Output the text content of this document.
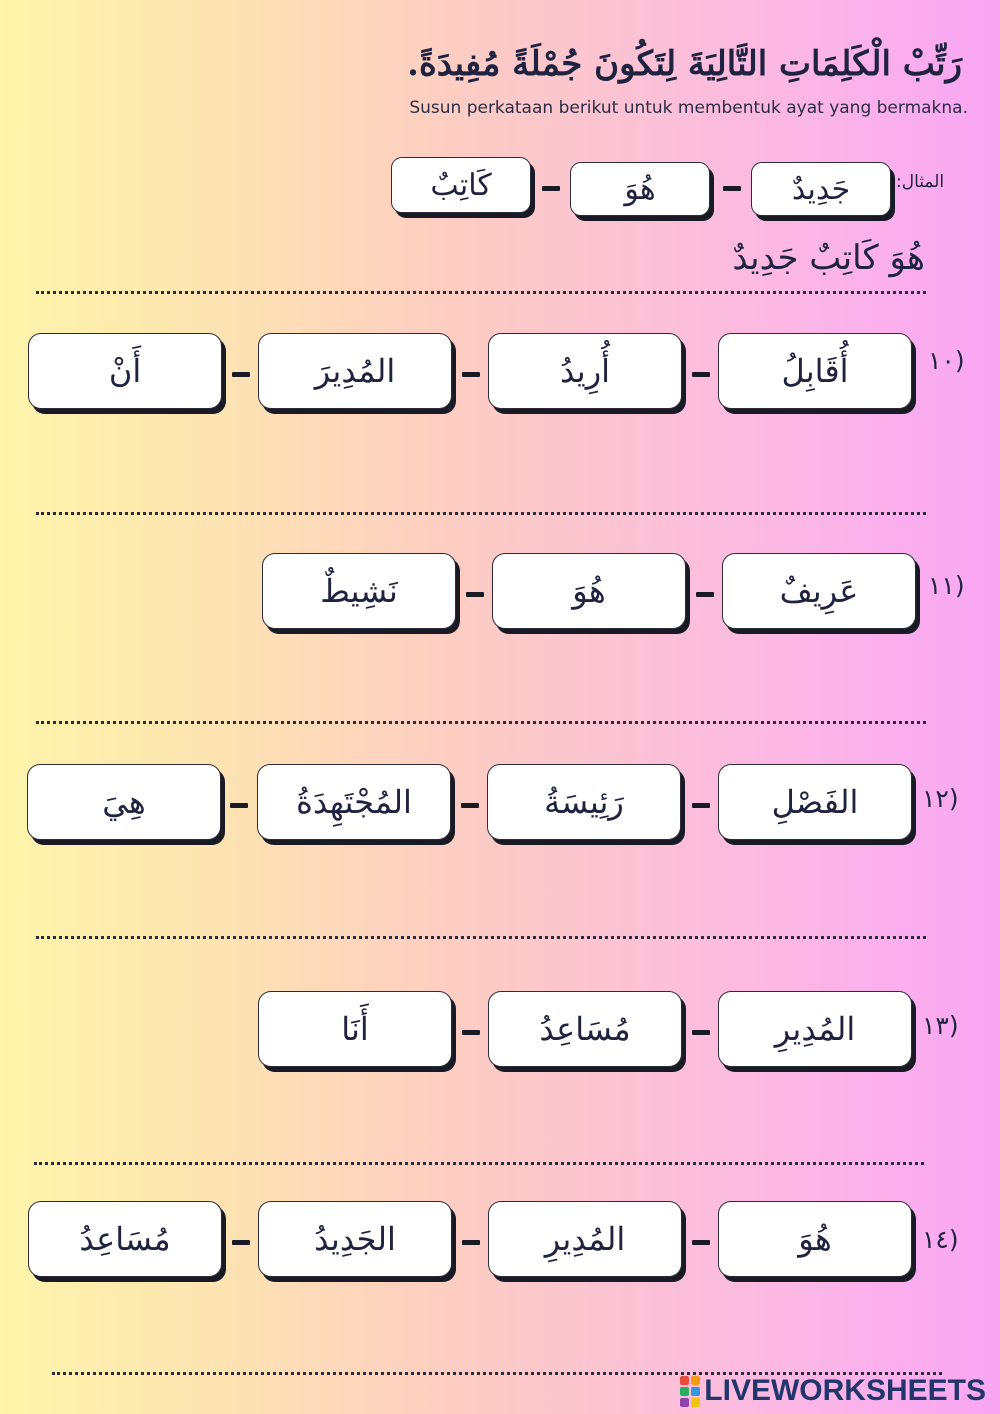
رَتِّبْ الْكَلِمَاتِ التَّالِيَةَ لِتَكُونَ جُمْلَةً مُفِيدَةً.
Susun perkataan berikut untuk membentuk ayat yang bermakna.
المثال:
جَدِيدٌ
هُوَ
كَاتِبٌ
هُوَ كَاتِبٌ جَدِيدٌ
(١٠
أُقَابِلُ
أُرِيدُ
المُدِيرَ
أَنْ
(١١
عَرِيفٌ
هُوَ
نَشِيطٌ
(١٢
الفَصْلِ
رَئِيسَةُ
المُجْتَهِدَةُ
هِيَ
(١٣
المُدِيرِ
مُسَاعِدُ
أَنَا
(١٤
هُوَ
المُدِيرِ
الجَدِيدُ
مُسَاعِدُ
LIVEWORKSHEETS
